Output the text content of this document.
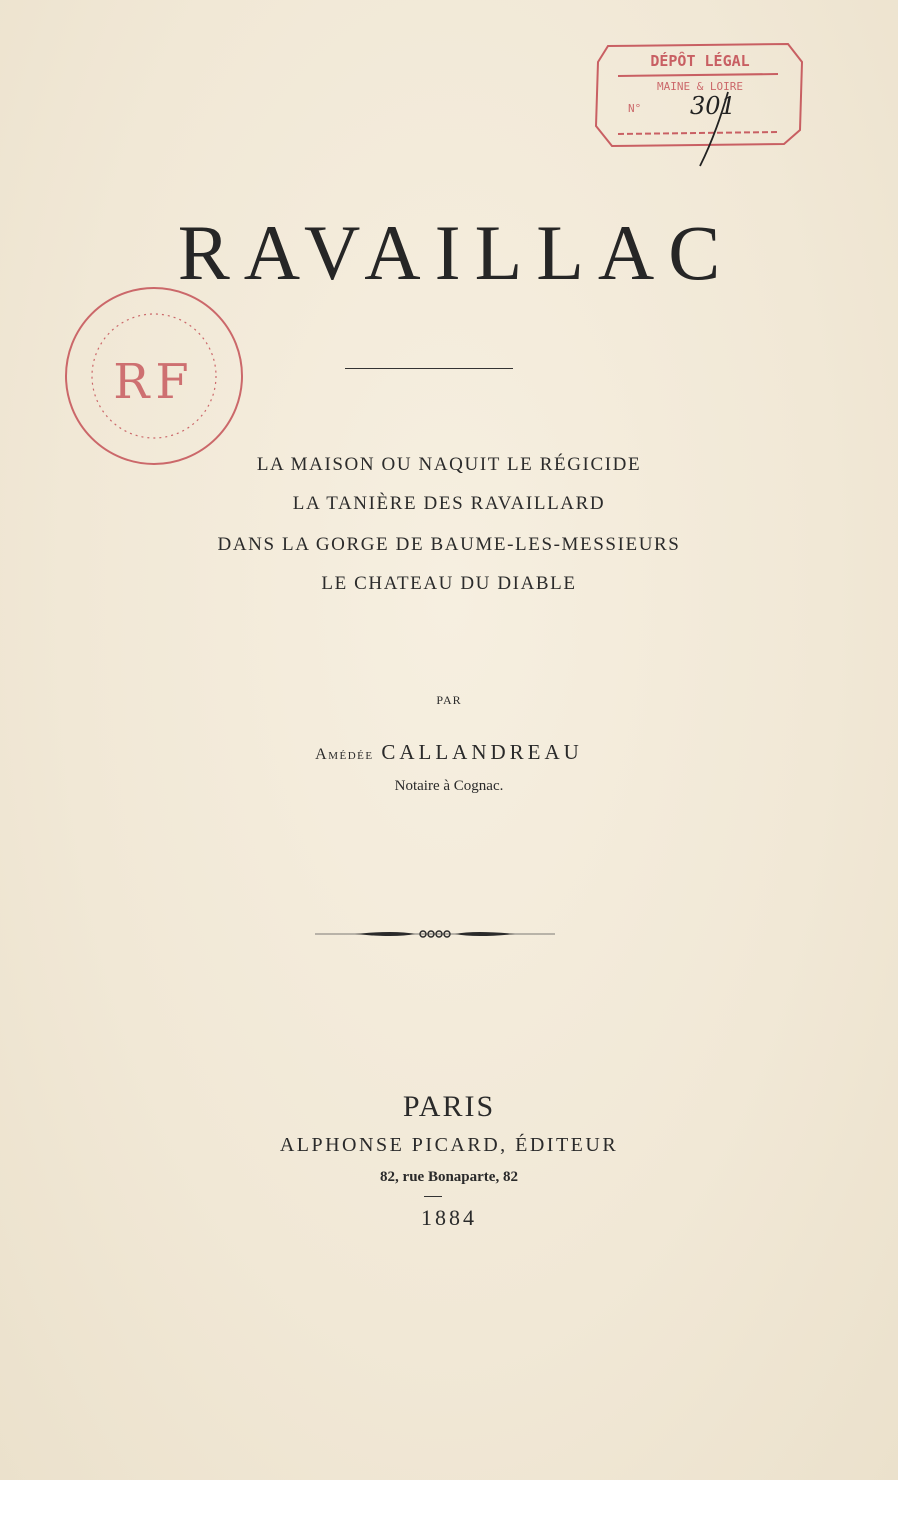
DÉPÔT LÉGAL
MAINE & LOIRE
N° 301
RAVAILLAC
RF
LA MAISON OU NAQUIT LE RÉGICIDE
LA TANIÈRE DES RAVAILLARD
DANS LA GORGE DE BAUME-LES-MESSIEURS
LE CHATEAU DU DIABLE
PAR
Amédée CALLANDREAU
Notaire à Cognac.
PARIS
ALPHONSE PICARD, ÉDITEUR
82, rue Bonaparte, 82
1884
